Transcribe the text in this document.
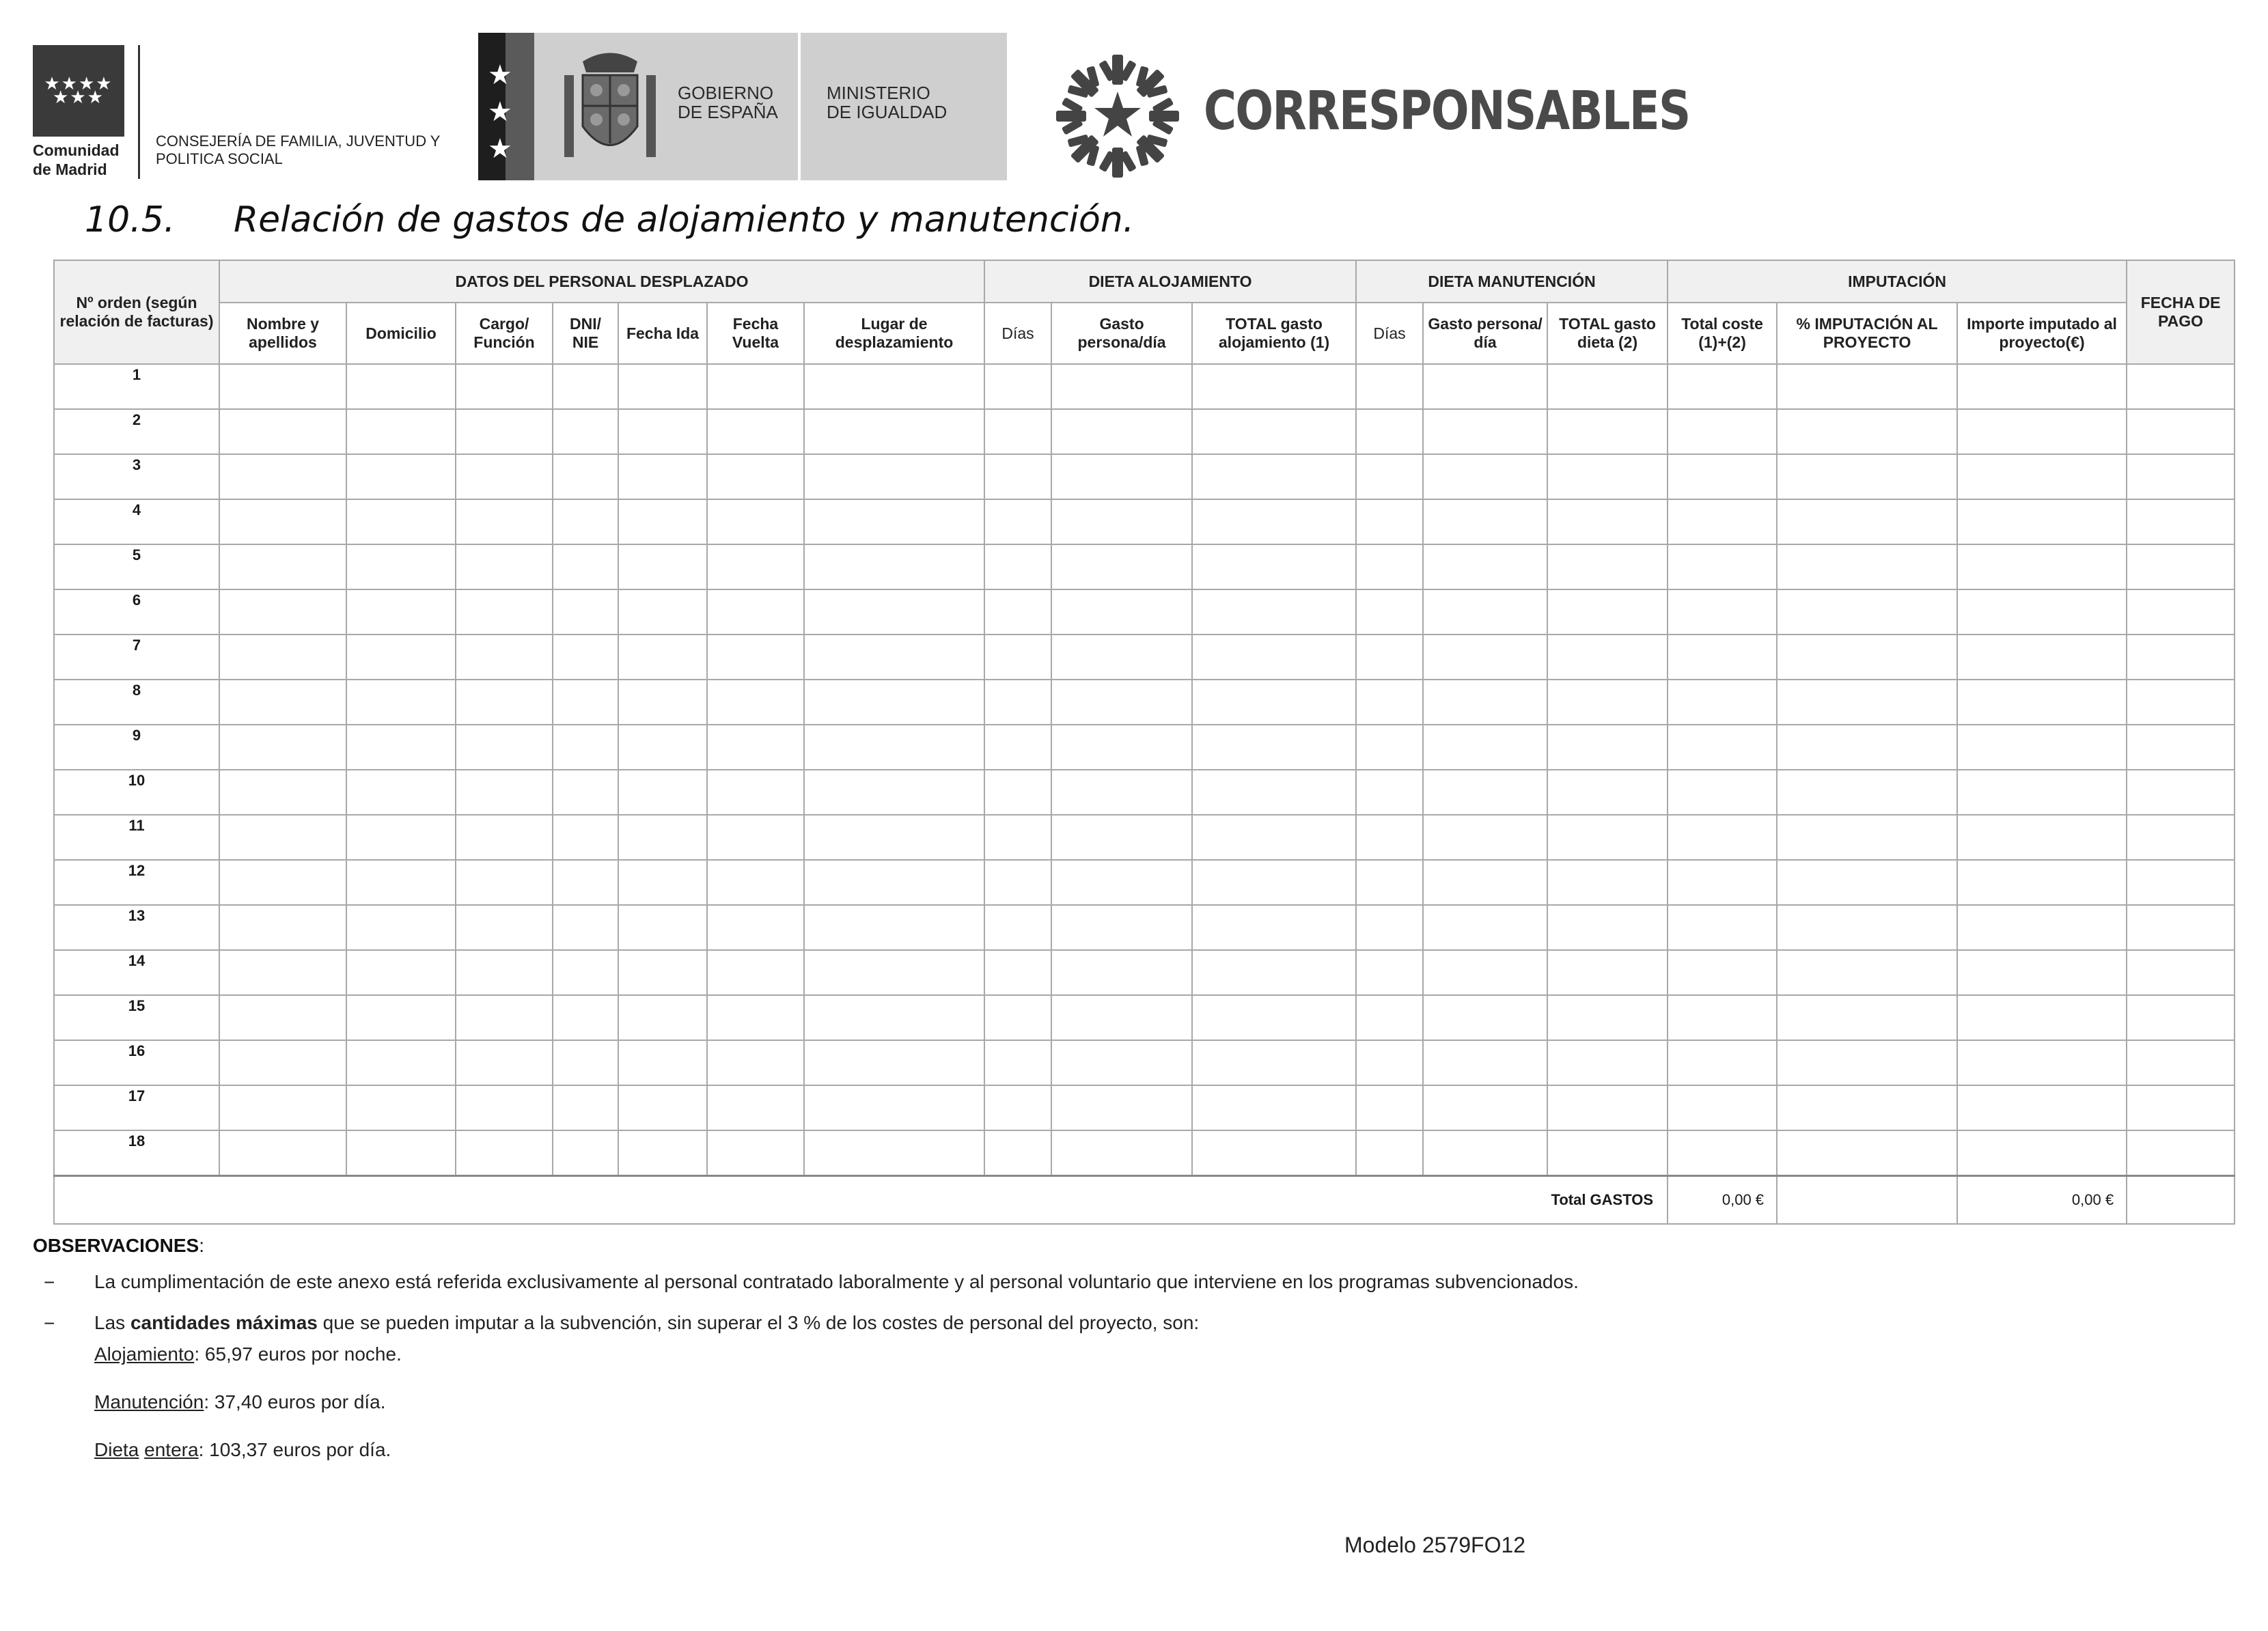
★★★★
★★★
Comunidad
de Madrid
CONSEJERÍA DE FAMILIA, JUVENTUD Y
POLITICA SOCIAL
★
★
★
GOBIERNO
DE ESPAÑA
MINISTERIO
DE IGUALDAD	CORRESPONSABLES
10.5. Relación de gastos de alojamiento y manutención.
Nº orden (según relación de facturas)	DATOS DEL PERSONAL DESPLAZADO							DIETA ALOJAMIENTO			DIETA MANUTENCIÓN			IMPUTACIÓN			FECHA DE PAGO
	Nombre y apellidos	Domicilio	Cargo/ Función	DNI/ NIE	Fecha Ida	Fecha Vuelta	Lugar de desplazamiento	Días	Gasto persona/día	TOTAL gasto alojamiento (1)	Días	Gasto persona/ día	TOTAL gasto dieta (2)	Total coste (1)+(2)	% IMPUTACIÓN AL PROYECTO	Importe imputado al proyecto(€)	
1																	
2																	
3																	
4																	
5																	
6																	
7																	
8																	
9																	
10																	
11																	
12																	
13																	
14																	
15																	
16																	
17																	
18																	
Total GASTOS														0,00 €		0,00 €	
OBSERVACIONES:
− La cumplimentación de este anexo está referida exclusivamente al personal contratado laboralmente y al personal voluntario que interviene en los programas subvencionados.
− Las cantidades máximas que se pueden imputar a la subvención, sin superar el 3 % de los costes de personal del proyecto, son:
Alojamiento: 65,97 euros por noche.
Manutención: 37,40 euros por día.
Dieta entera: 103,37 euros por día.
Modelo 2579FO12
